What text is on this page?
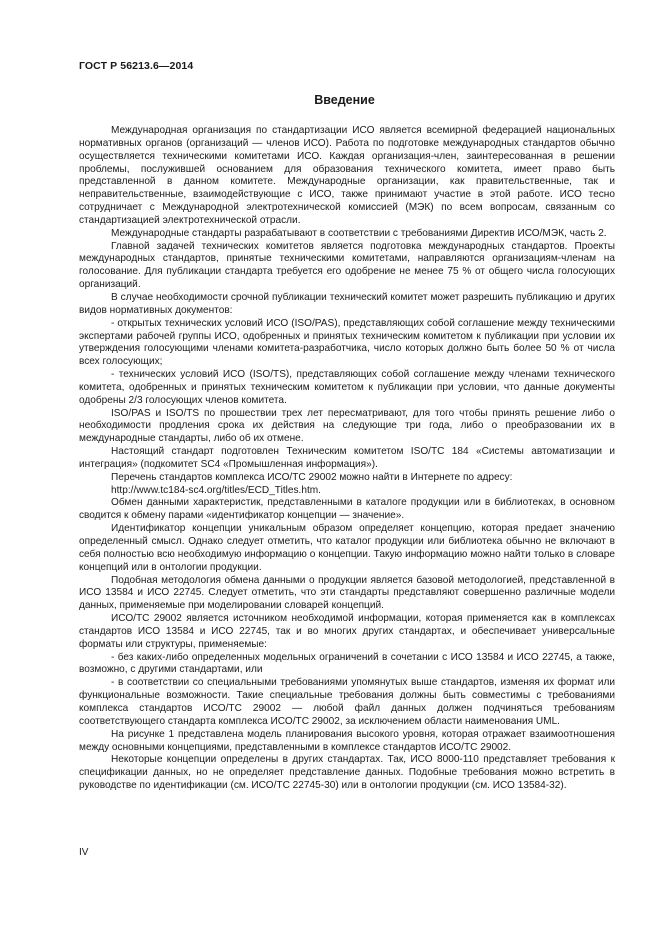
ГОСТ Р 56213.6—2014
Введение

Международная организация по стандартизации ИСО является всемирной федерацией национальных нормативных органов (организаций — членов ИСО). Работа по подготовке международных стандартов обычно осуществляется техническими комитетами ИСО. Каждая организация-член, заинтересованная в решении проблемы, послужившей основанием для образования технического комитета, имеет право быть представленной в данном комитете. Международные организации, как правительственные, так и неправительственные, взаимодействующие с ИСО, также принимают участие в этой работе. ИСО тесно сотрудничает с Международной электротехнической комиссией (МЭК) по всем вопросам, связанным со стандартизацией электротехнической отрасли.

Международные стандарты разрабатывают в соответствии с требованиями Директив ИСО/МЭК, часть 2.

Главной задачей технических комитетов является подготовка международных стандартов. Проекты международных стандартов, принятые техническими комитетами, направляются организациям-членам на голосование. Для публикации стандарта требуется его одобрение не менее 75 % от общего числа голосующих организаций.

В случае необходимости срочной публикации технический комитет может разрешить публикацию и других видов нормативных документов:

- открытых технических условий ИСО (ISO/PAS), представляющих собой соглашение между техническими экспертами рабочей группы ИСО, одобренных и принятых техническим комитетом к публикации при условии их утверждения голосующими членами комитета-разработчика, число которых должно быть более 50 % от числа всех голосующих;

- технических условий ИСО (ISO/TS), представляющих собой соглашение между членами технического комитета, одобренных и принятых техническим комитетом к публикации при условии, что данные документы одобрены 2/3 голосующих членов комитета.

ISO/PAS и ISO/TS по прошествии трех лет пересматривают, для того чтобы принять решение либо о необходимости продления срока их действия на следующие три года, либо о преобразовании их в международные стандарты, либо об их отмене.

Настоящий стандарт подготовлен Техническим комитетом ISO/TC 184 «Системы автоматизации и интеграция» (подкомитет SC4 «Промышленная информация»).

Перечень стандартов комплекса ИСО/ТС 29002 можно найти в Интернете по адресу:

http://www.tc184-sc4.org/titles/ECD_Titles.htm.

Обмен данными характеристик, представленными в каталоге продукции или в библиотеках, в основном сводится к обмену парами «идентификатор концепции — значение».

Идентификатор концепции уникальным образом определяет концепцию, которая предает значению определенный смысл. Однако следует отметить, что каталог продукции или библиотека обычно не включают в себя полностью всю необходимую информацию о концепции. Такую информацию можно найти только в словаре концепций или в онтологии продукции.

Подобная методология обмена данными о продукции является базовой методологией, представленной в ИСО 13584 и ИСО 22745. Следует отметить, что эти стандарты представляют совершенно различные модели данных, применяемые при моделировании словарей концепций.

ИСО/ТС 29002 является источником необходимой информации, которая применяется как в комплексах стандартов ИСО 13584 и ИСО 22745, так и во многих других стандартах, и обеспечивает универсальные форматы или структуры, применяемые:

- без каких-либо определенных модельных ограничений в сочетании с ИСО 13584 и ИСО 22745, а также, возможно, с другими стандартами, или

- в соответствии со специальными требованиями упомянутых выше стандартов, изменяя их формат или функциональные возможности. Такие специальные требования должны быть совместимы с требованиями комплекса стандартов ИСО/ТС 29002 — любой файл данных должен подчиняться требованиям соответствующего стандарта комплекса ИСО/ТС 29002, за исключением области наименования UML.

На рисунке 1 представлена модель планирования высокого уровня, которая отражает взаимоотношения между основными концепциями, представленными в комплексе стандартов ИСО/ТС 29002.

Некоторые концепции определены в других стандартах. Так, ИСО 8000-110 представляет требования к спецификации данных, но не определяет представление данных. Подобные требования можно встретить в руководстве по идентификации (см. ИСО/ТС 22745-30) или в онтологии продукции (см. ИСО 13584-32).

IV
